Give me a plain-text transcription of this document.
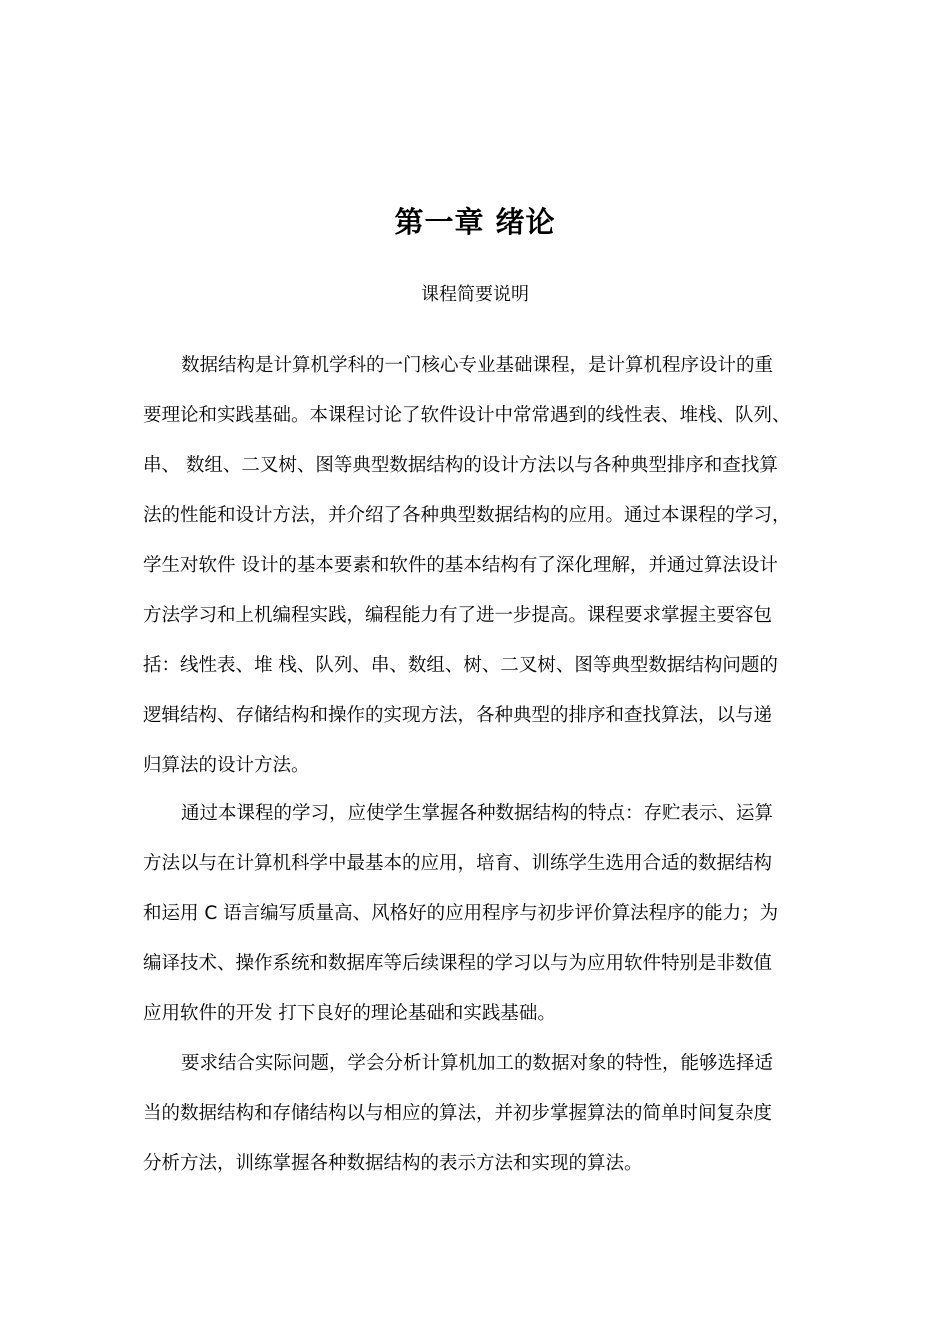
第一章 绪论
课程简要说明
数据结构是计算机学科的一门核心专业基础课程，是计算机程序设计的重
要理论和实践基础。本课程讨论了软件设计中常常遇到的线性表、堆栈、队列、
串、 数组、二叉树、图等典型数据结构的设计方法以与各种典型排序和查找算
法的性能和设计方法，并介绍了各种典型数据结构的应用。通过本课程的学习，
学生对软件 设计的基本要素和软件的基本结构有了深化理解，并通过算法设计
方法学习和上机编程实践，编程能力有了进一步提高。课程要求掌握主要容包
括：线性表、堆 栈、队列、串、数组、树、二叉树、图等典型数据结构问题的
逻辑结构、存储结构和操作的实现方法，各种典型的排序和查找算法，以与递
归算法的设计方法。
通过本课程的学习，应使学生掌握各种数据结构的特点：存贮表示、运算
方法以与在计算机科学中最基本的应用，培育、训练学生选用合适的数据结构
和运用 C 语言编写质量高、风格好的应用程序与初步评价算法程序的能力；为
编译技术、操作系统和数据库等后续课程的学习以与为应用软件特别是非数值
应用软件的开发 打下良好的理论基础和实践基础。
要求结合实际问题，学会分析计算机加工的数据对象的特性，能够选择适
当的数据结构和存储结构以与相应的算法，并初步掌握算法的简单时间复杂度
分析方法，训练掌握各种数据结构的表示方法和实现的算法。
